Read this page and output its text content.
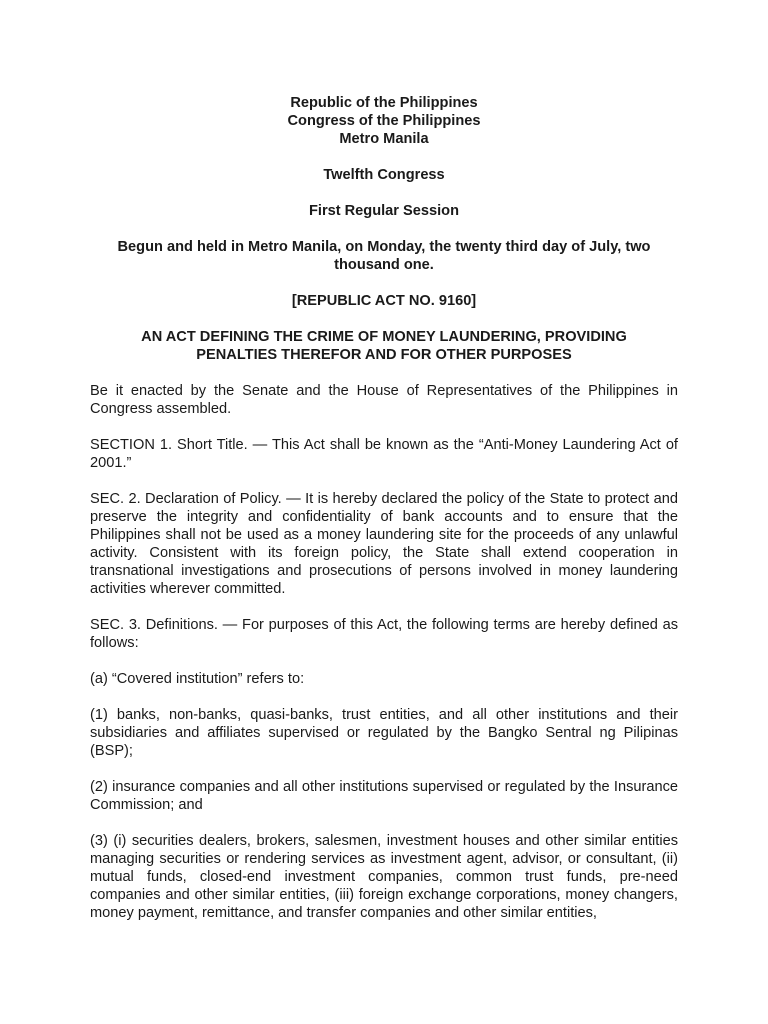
Republic of the Philippines
Congress of the Philippines
Metro Manila

Twelfth Congress

First Regular Session

Begun and held in Metro Manila, on Monday, the twenty third day of July, two thousand one.

[REPUBLIC ACT NO. 9160]

AN ACT DEFINING THE CRIME OF MONEY LAUNDERING, PROVIDING PENALTIES THEREFOR AND FOR OTHER PURPOSES

Be it enacted by the Senate and the House of Representatives of the Philippines in Congress assembled.

SECTION 1. Short Title. — This Act shall be known as the “Anti-Money Laundering Act of 2001.”

SEC. 2. Declaration of Policy. — It is hereby declared the policy of the State to protect and preserve the integrity and confidentiality of bank accounts and to ensure that the Philippines shall not be used as a money laundering site for the proceeds of any unlawful activity. Consistent with its foreign policy, the State shall extend cooperation in transnational investigations and prosecutions of persons involved in money laundering activities wherever committed.

SEC. 3. Definitions. — For purposes of this Act, the following terms are hereby defined as follows:

(a) “Covered institution” refers to:

(1) banks, non-banks, quasi-banks, trust entities, and all other institutions and their subsidiaries and affiliates supervised or regulated by the Bangko Sentral ng Pilipinas (BSP);

(2) insurance companies and all other institutions supervised or regulated by the Insurance Commission; and

(3) (i) securities dealers, brokers, salesmen, investment houses and other similar entities managing securities or rendering services as investment agent, advisor, or consultant, (ii) mutual funds, closed-end investment companies, common trust funds, pre-need companies and other similar entities, (iii) foreign exchange corporations, money changers, money payment, remittance, and transfer companies and other similar entities,
